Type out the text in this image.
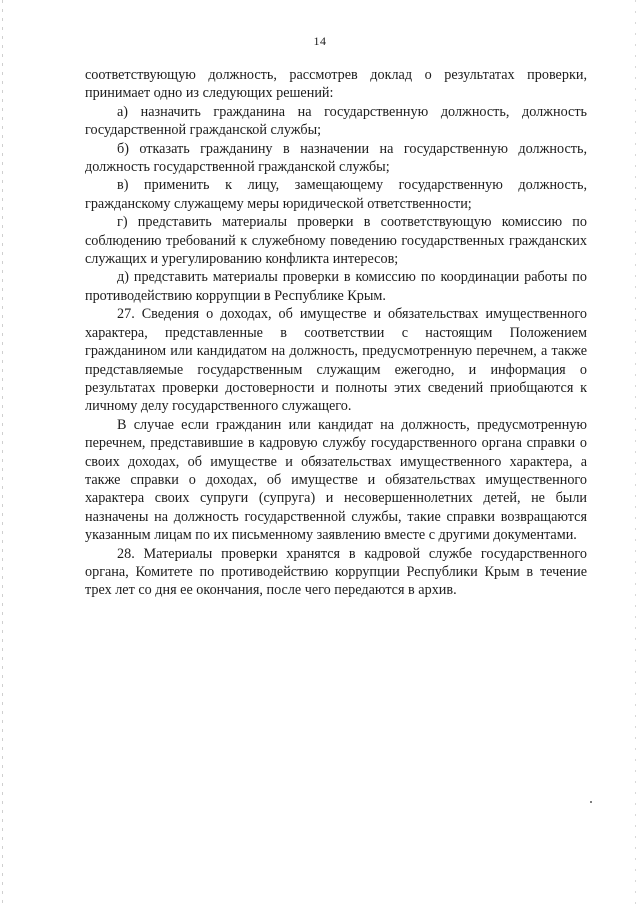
14

соответствующую должность, рассмотрев доклад о результатах проверки, принимает одно из следующих решений:

а) назначить гражданина на государственную должность, должность государственной гражданской службы;

б) отказать гражданину в назначении на государственную должность, должность государственной гражданской службы;

в) применить к лицу, замещающему государственную должность, гражданскому служащему меры юридической ответственности;

г) представить материалы проверки в соответствующую комиссию по соблюдению требований к служебному поведению государственных гражданских служащих и урегулированию конфликта интересов;

д) представить материалы проверки в комиссию по координации работы по противодействию коррупции в Республике Крым.

27. Сведения о доходах, об имуществе и обязательствах имущественного характера, представленные в соответствии с настоящим Положением гражданином или кандидатом на должность, предусмотренную перечнем, а также представляемые государственным служащим ежегодно, и информация о результатах проверки достоверности и полноты этих сведений приобщаются к личному делу государственного служащего.

В случае если гражданин или кандидат на должность, предусмотренную перечнем, представившие в кадровую службу государственного органа справки о своих доходах, об имуществе и обязательствах имущественного характера, а также справки о доходах, об имуществе и обязательствах имущественного характера своих супруги (супруга) и несовершеннолетних детей, не были назначены на должность государственной службы, такие справки возвращаются указанным лицам по их письменному заявлению вместе с другими документами.

28. Материалы проверки хранятся в кадровой службе государственного органа, Комитете по противодействию коррупции Республики Крым в течение трех лет со дня ее окончания, после чего передаются в архив.
